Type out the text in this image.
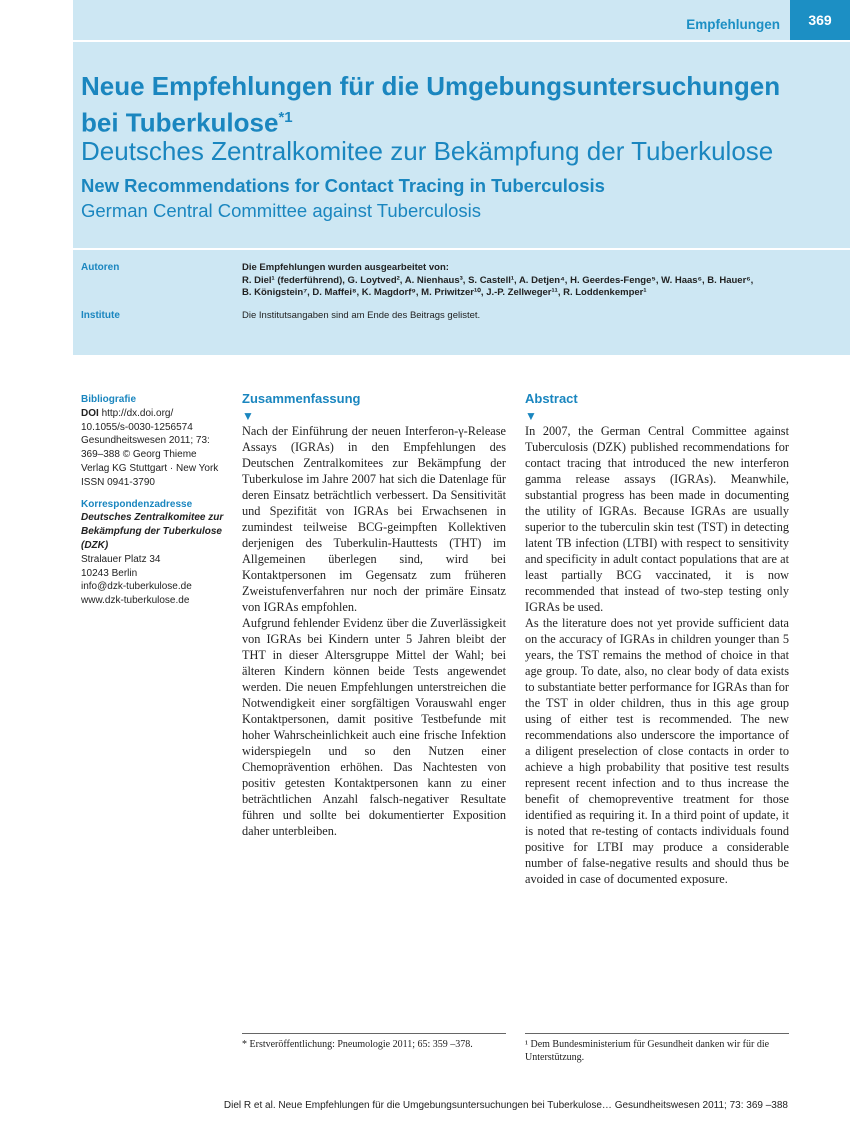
Empfehlungen	369
Neue Empfehlungen für die Umgebungsuntersuchungen bei Tuberkulose$^{*1}$
Deutsches Zentralkomitee zur Bekämpfung der Tuberkulose
New Recommendations for Contact Tracing in Tuberculosis
German Central Committee against Tuberculosis
Autoren	Die Empfehlungen wurden ausgearbeitet von:
R. Diel¹ (federführend), G. Loytved², A. Nienhaus³, S. Castell¹, A. Detjen⁴, H. Geerdes-Fenge⁵, W. Haas⁶, B. Hauer⁶,
B. Königstein⁷, D. Maffei⁸, K. Magdorf⁹, M. Priwitzer¹⁰, J.-P. Zellweger¹¹, R. Loddenkemper¹
Institute	Die Institutsangaben sind am Ende des Beitrags gelistet.
Bibliografie
DOI http://dx.doi.org/
10.1055/s-0030-1256574
Gesundheitswesen 2011; 73:
369–388 © Georg Thieme
Verlag KG Stuttgart · New York
ISSN 0941-3790
Korrespondenzadresse
Deutsches Zentralkomitee zur Bekämpfung der Tuberkulose (DZK)
Stralauer Platz 34
10243 Berlin
info@dzk-tuberkulose.de
www.dzk-tuberkulose.de
Zusammenfassung
▼

Nach der Einführung der neuen Interferon-γ-Release Assays (IGRAs) in den Empfehlungen des Deutschen Zentralkomitees zur Bekämpfung der Tuberkulose im Jahre 2007 hat sich die Datenlage für deren Einsatz beträchtlich verbessert. Da Sensitivität und Spezifität von IGRAs bei Erwachsenen in zumindest teilweise BCG-geimpften Kollektiven derjenigen des Tuberkulin-Hauttests (THT) im Allgemeinen überlegen sind, wird bei Kontaktpersonen im Gegensatz zum früheren Zweistufenverfahren nur noch der primäre Einsatz von IGRAs empfohlen.

Aufgrund fehlender Evidenz über die Zuverlässigkeit von IGRAs bei Kindern unter 5 Jahren bleibt der THT in dieser Altersgruppe Mittel der Wahl; bei älteren Kindern können beide Tests angewendet werden. Die neuen Empfehlungen unterstreichen die Notwendigkeit einer sorgfältigen Vorauswahl enger Kontaktpersonen, damit positive Testbefunde mit hoher Wahrscheinlichkeit auch eine frische Infektion widerspiegeln und so den Nutzen einer Chemoprävention erhöhen. Das Nachtesten von positiv getesten Kontaktpersonen kann zu einer beträchtlichen Anzahl falsch-negativer Resultate führen und sollte bei dokumentierter Exposition daher unterbleiben.

Abstract
▼

In 2007, the German Central Committee against Tuberculosis (DZK) published recommendations for contact tracing that introduced the new interferon gamma release assays (IGRAs). Meanwhile, substantial progress has been made in documenting the utility of IGRAs. Because IGRAs are usually superior to the tuberculin skin test (TST) in detecting latent TB infection (LTBI) with respect to sensitivity and specificity in adult contact populations that are at least partially BCG vaccinated, it is now recommended that instead of two-step testing only IGRAs be used.

As the literature does not yet provide sufficient data on the accuracy of IGRAs in children younger than 5 years, the TST remains the method of choice in that age group. To date, also, no clear body of data exists to substantiate better performance for IGRAs than for the TST in older children, thus in this age group using of either test is recommended. The new recommendations also underscore the importance of a diligent preselection of close contacts in order to achieve a high probability that positive test results represent recent infection and to thus increase the benefit of chemopreventive treatment for those identified as requiring it. In a third point of update, it is noted that re-testing of contacts individuals found positive for LTBI may produce a considerable number of false-negative results and should thus be avoided in case of documented exposure.

* Erstveröffentlichung: Pneumologie 2011; 65: 359 –378.	¹ Dem Bundesministerium für Gesundheit danken wir für die Unterstützung.
Diel R et al. Neue Empfehlungen für die Umgebungsuntersuchungen bei Tuberkulose… Gesundheitswesen 2011; 73: 369 –388
